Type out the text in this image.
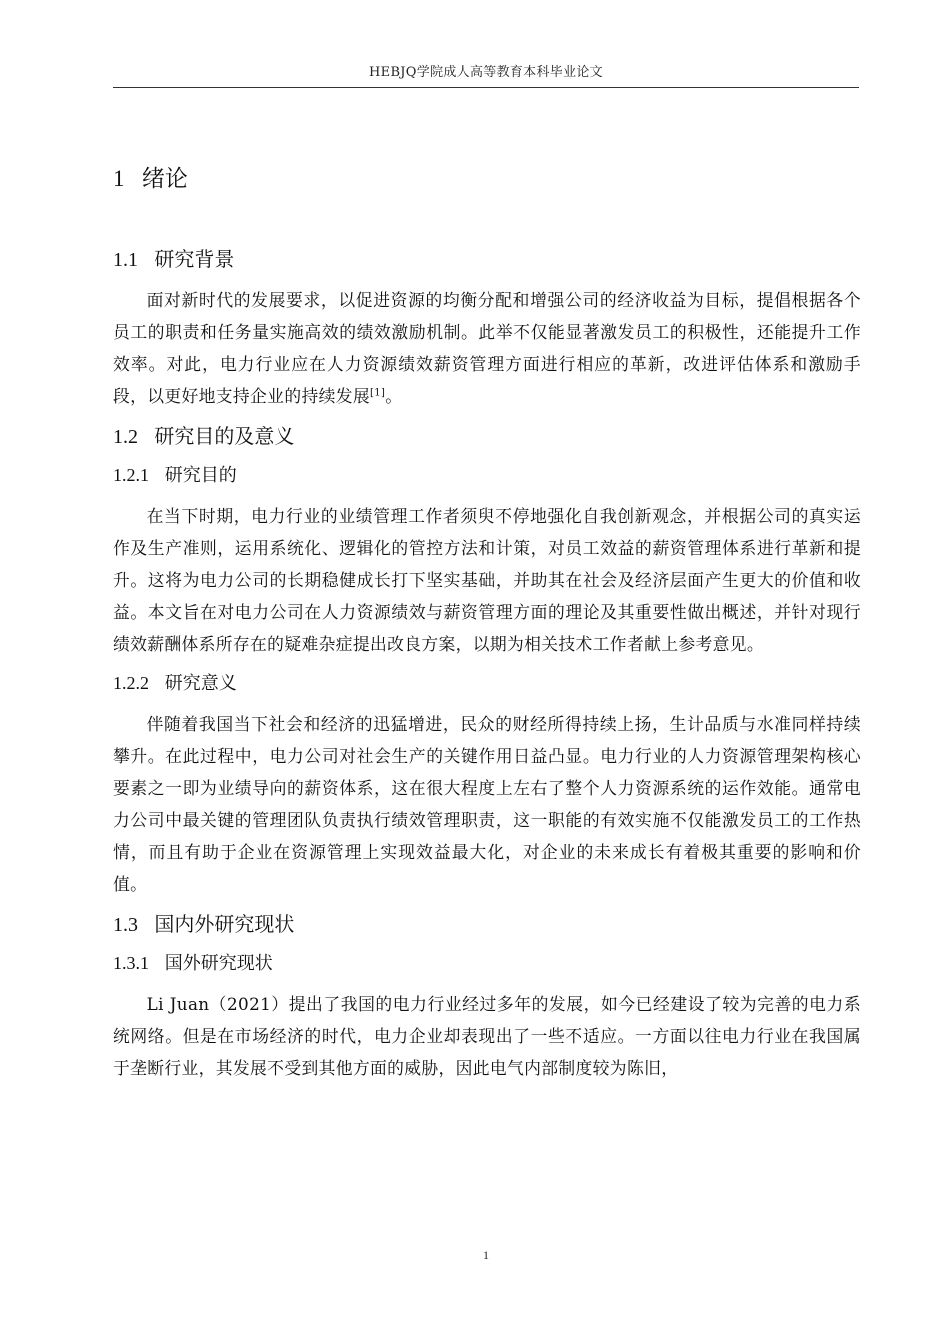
HEBJQ学院成人高等教育本科毕业论文
1 绪论
1.1 研究背景

面对新时代的发展要求，以促进资源的均衡分配和增强公司的经济收益为目标，提倡根据各个员工的职责和任务量实施高效的绩效激励机制。此举不仅能显著激发员工的积极性，还能提升工作效率。对此，电力行业应在人力资源绩效薪资管理方面进行相应的革新，改进评估体系和激励手段，以更好地支持企业的持续发展[1]。

1.2 研究目的及意义
1.2.1 研究目的

在当下时期，电力行业的业绩管理工作者须臾不停地强化自我创新观念，并根据公司的真实运作及生产准则，运用系统化、逻辑化的管控方法和计策，对员工效益的薪资管理体系进行革新和提升。这将为电力公司的长期稳健成长打下坚实基础，并助其在社会及经济层面产生更大的价值和收益。本文旨在对电力公司在人力资源绩效与薪资管理方面的理论及其重要性做出概述，并针对现行绩效薪酬体系所存在的疑难杂症提出改良方案，以期为相关技术工作者献上参考意见。

1.2.2 研究意义

伴随着我国当下社会和经济的迅猛增进，民众的财经所得持续上扬，生计品质与水准同样持续攀升。在此过程中，电力公司对社会生产的关键作用日益凸显。电力行业的人力资源管理架构核心要素之一即为业绩导向的薪资体系，这在很大程度上左右了整个人力资源系统的运作效能。通常电力公司中最关键的管理团队负责执行绩效管理职责，这一职能的有效实施不仅能激发员工的工作热情，而且有助于企业在资源管理上实现效益最大化，对企业的未来成长有着极其重要的影响和价值。

1.3 国内外研究现状
1.3.1 国外研究现状

Li Juan（2021）提出了我国的电力行业经过多年的发展，如今已经建设了较为完善的电力系统网络。但是在市场经济的时代，电力企业却表现出了一些不适应。一方面以往电力行业在我国属于垄断行业，其发展不受到其他方面的威胁，因此电气内部制度较为陈旧，

1
